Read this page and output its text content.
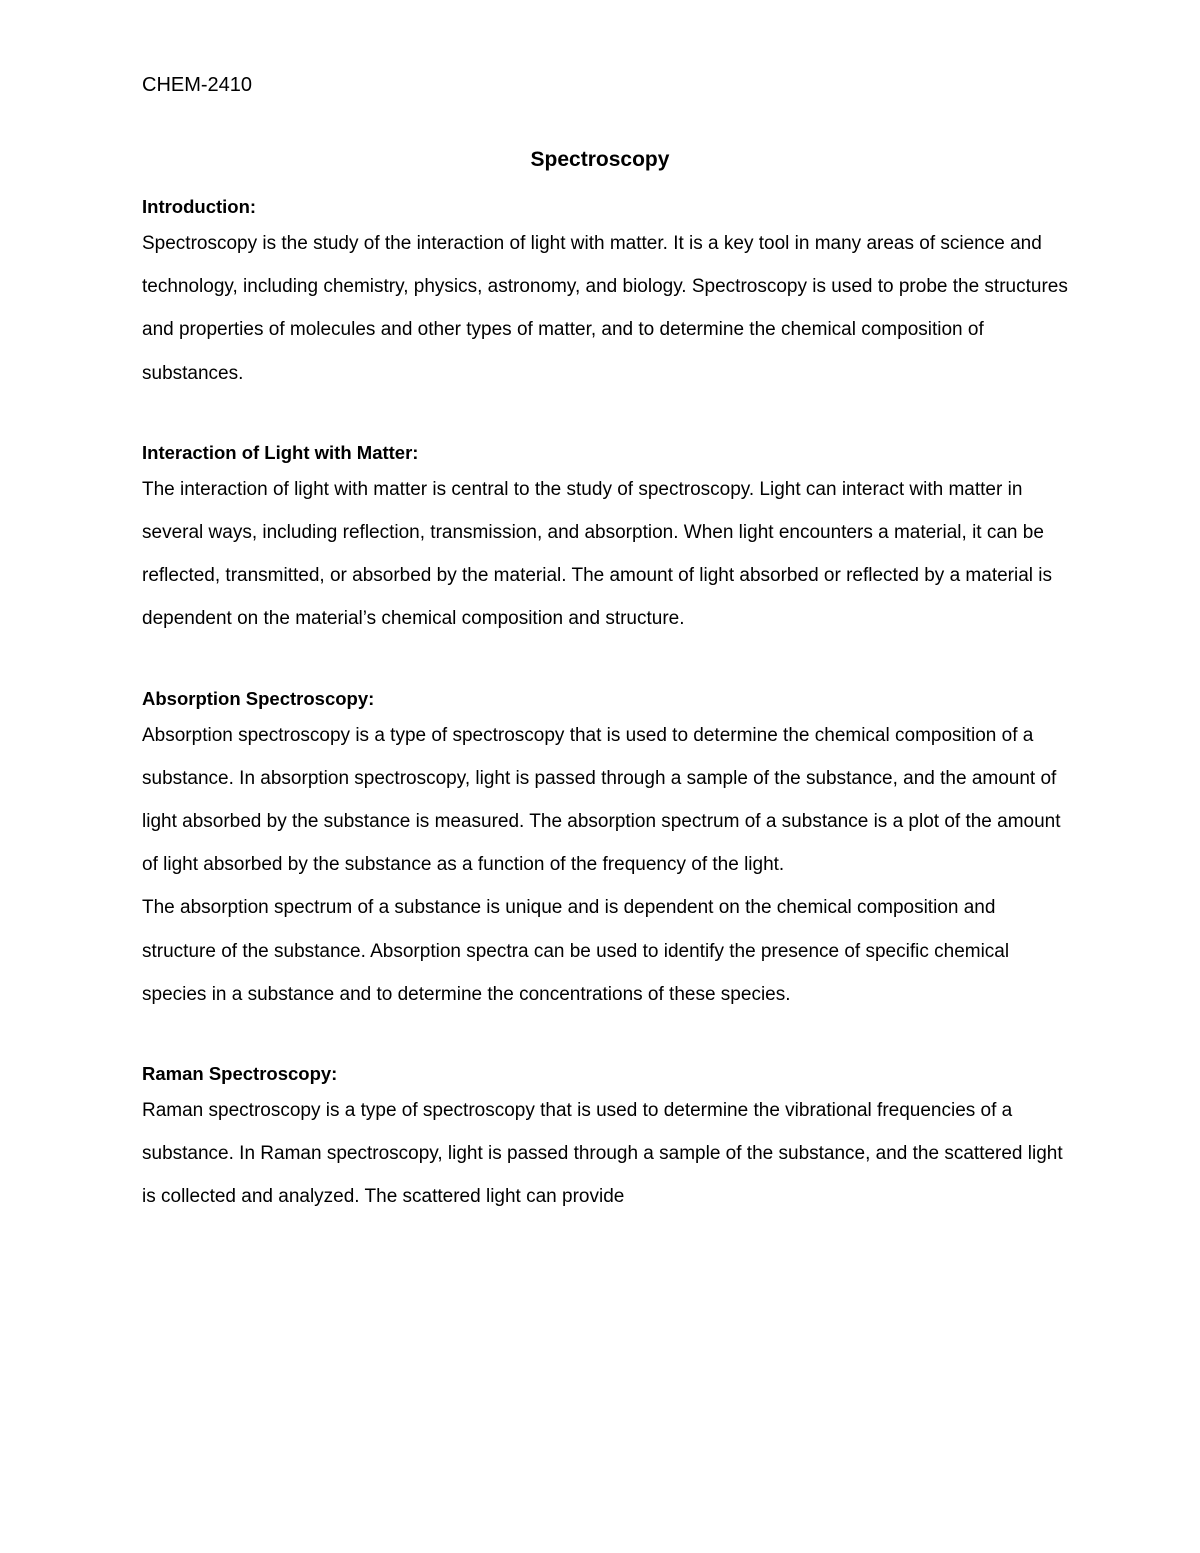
CHEM-2410
Spectroscopy
Introduction:

Spectroscopy is the study of the interaction of light with matter. It is a key tool in many areas of science and technology, including chemistry, physics, astronomy, and biology. Spectroscopy is used to probe the structures and properties of molecules and other types of matter, and to determine the chemical composition of substances.

Interaction of Light with Matter:

The interaction of light with matter is central to the study of spectroscopy. Light can interact with matter in several ways, including reflection, transmission, and absorption. When light encounters a material, it can be reflected, transmitted, or absorbed by the material. The amount of light absorbed or reflected by a material is dependent on the material’s chemical composition and structure.

Absorption Spectroscopy:

Absorption spectroscopy is a type of spectroscopy that is used to determine the chemical composition of a substance. In absorption spectroscopy, light is passed through a sample of the substance, and the amount of light absorbed by the substance is measured. The absorption spectrum of a substance is a plot of the amount of light absorbed by the substance as a function of the frequency of the light.

The absorption spectrum of a substance is unique and is dependent on the chemical composition and structure of the substance. Absorption spectra can be used to identify the presence of specific chemical species in a substance and to determine the concentrations of these species.

Raman Spectroscopy:

Raman spectroscopy is a type of spectroscopy that is used to determine the vibrational frequencies of a substance. In Raman spectroscopy, light is passed through a sample of the substance, and the scattered light is collected and analyzed. The scattered light can provide
